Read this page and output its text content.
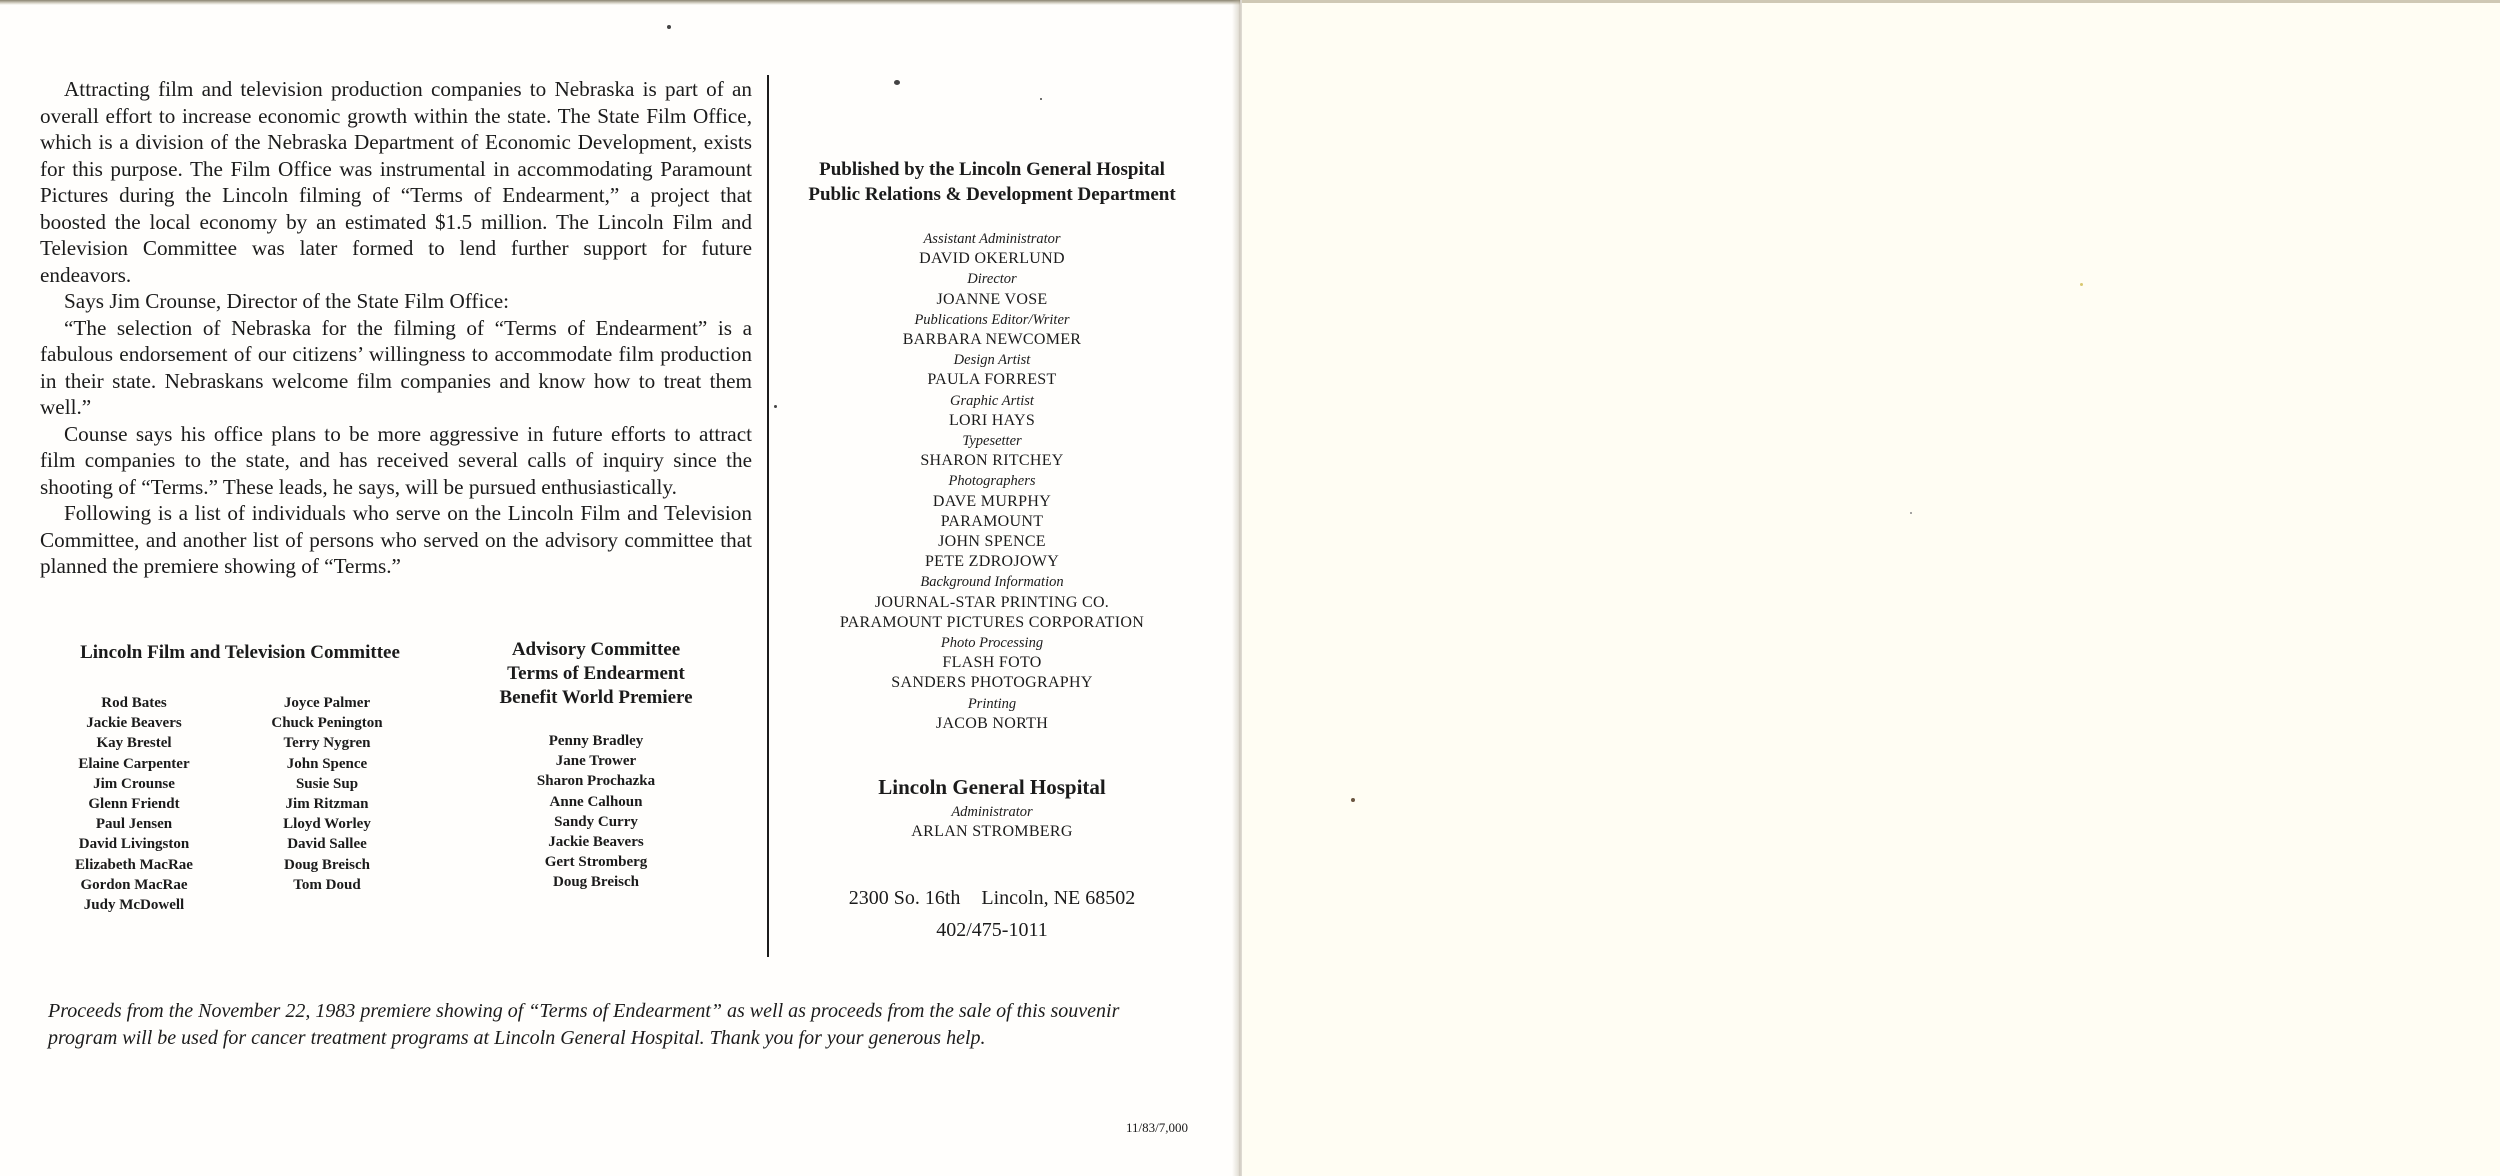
Attracting film and television production companies to Nebraska is part of an overall effort to increase economic growth within the state. The State Film Office, which is a division of the Nebraska Department of Economic Development, exists for this purpose. The Film Office was instrumental in accommodating Paramount Pictures during the Lincoln filming of “Terms of Endearment,” a project that boosted the local economy by an estimated $1.5 million. The Lincoln Film and Television Committee was later formed to lend further support for future endeavors.

Says Jim Crounse, Director of the State Film Office:

“The selection of Nebraska for the filming of “Terms of Endearment” is a fabulous endorsement of our citizens’ willingness to accommodate film production in their state. Nebraskans welcome film companies and know how to treat them well.”

Counse says his office plans to be more aggressive in future efforts to attract film companies to the state, and has received several calls of inquiry since the shooting of “Terms.” These leads, he says, will be pursued enthusiastically.

Following is a list of individuals who serve on the Lincoln Film and Television Committee, and another list of persons who served on the advisory committee that planned the premiere showing of “Terms.”

Lincoln Film and Television Committee
Rod Bates
Jackie Beavers
Kay Brestel
Elaine Carpenter
Jim Crounse
Glenn Friendt
Paul Jensen
David Livingston
Elizabeth MacRae
Gordon MacRae
Judy McDowell
Joyce Palmer
Chuck Penington
Terry Nygren
John Spence
Susie Sup
Jim Ritzman
Lloyd Worley
David Sallee
Doug Breisch
Tom Doud
Advisory Committee
Terms of Endearment
Benefit World Premiere
Penny Bradley
Jane Trower
Sharon Prochazka
Anne Calhoun
Sandy Curry
Jackie Beavers
Gert Stromberg
Doug Breisch
Published by the Lincoln General Hospital
Public Relations & Development Department
Assistant Administrator
DAVID OKERLUND
Director
JOANNE VOSE
Publications Editor/Writer
BARBARA NEWCOMER
Design Artist
PAULA FORREST
Graphic Artist
LORI HAYS
Typesetter
SHARON RITCHEY
Photographers
DAVE MURPHY
PARAMOUNT
JOHN SPENCE
PETE ZDROJOWY
Background Information
JOURNAL-STAR PRINTING CO.
PARAMOUNT PICTURES CORPORATION
Photo Processing
FLASH FOTO
SANDERS PHOTOGRAPHY
Printing
JACOB NORTH
Lincoln General Hospital
Administrator
ARLAN STROMBERG
2300 So. 16th Lincoln, NE 68502
402/475-1011
Proceeds from the November 22, 1983 premiere showing of “Terms of Endearment” as well as proceeds from the sale of this souvenir program will be used for cancer treatment programs at Lincoln General Hospital. Thank you for your generous help.
11/83/7,000
